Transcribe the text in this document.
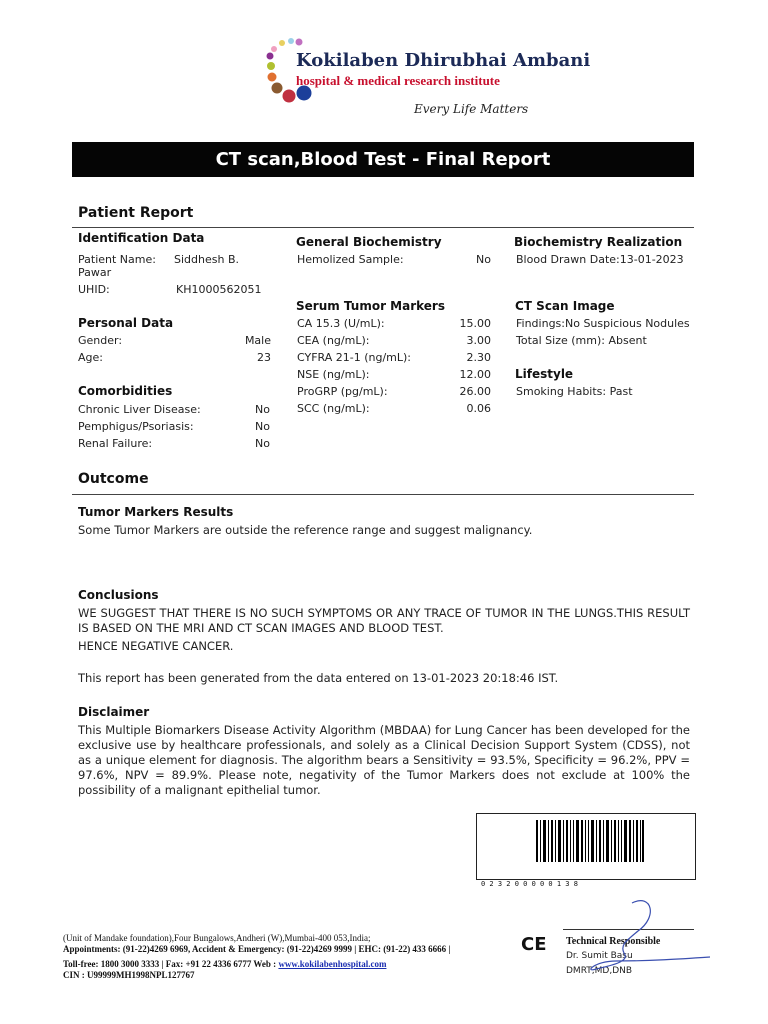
Kokilaben Dhirubhai Ambani
hospital & medical research institute
Every Life Matters
CT scan,Blood Test - Final Report
Patient Report
Identification Data
Patient Name: Siddhesh B.
Pawar
UHID:	KH1000562051
Personal Data
Gender:	Male
Age:	23
Comorbidities
Chronic Liver Disease:	No
Pemphigus/Psoriasis:	No
Renal Failure:	No
General Biochemistry
Hemolized Sample:	No
Serum Tumor Markers
CA 15.3 (U/mL):	15.00
CEA (ng/mL):	3.00
CYFRA 21-1 (ng/mL):	2.30
NSE (ng/mL):	12.00
ProGRP (pg/mL):	26.00
SCC (ng/mL):	0.06
Biochemistry Realization
Blood Drawn Date:13-01-2023
CT Scan Image
Findings:No Suspicious Nodules
Total Size (mm): Absent
Lifestyle
Smoking Habits: Past
Outcome
Tumor Markers Results
Some Tumor Markers are outside the reference range and suggest malignancy.
Conclusions
WE SUGGEST THAT THERE IS NO SUCH SYMPTOMS OR ANY TRACE OF TUMOR IN THE LUNGS.THIS RESULT IS BASED ON THE MRI AND CT SCAN IMAGES AND BLOOD TEST.
HENCE NEGATIVE CANCER.
This report has been generated from the data entered on 13-01-2023 20:18:46 IST.
Disclaimer
This Multiple Biomarkers Disease Activity Algorithm (MBDAA) for Lung Cancer has been developed for the exclusive use by healthcare professionals, and solely as a Clinical Decision Support System (CDSS), not as a unique element for diagnosis. The algorithm bears a Sensitivity = 93.5%, Specificity = 96.2%, PPV = 97.6%, NPV = 89.9%. Please note, negativity of the Tumor Markers does not exclude at 100% the possibility of a malignant epithelial tumor.
0 2 3 2 0 0 0 0 0 1 3 8
(Unit of Mandake foundation),Four Bungalows,Andheri (W),Mumbai-400 053,India;
Appointments: (91-22)4269 6969, Accident & Emergency: (91-22)4269 9999 | EHC: (91-22) 433 6666 |
Toll-free: 1800 3000 3333 | Fax: +91 22 4336 6777 Web : www.kokilabenhospital.com
CIN : U99999MH1998NPL127767
CE Technical Responsible
Dr. Sumit Basu
DMRT,MD,DNB
